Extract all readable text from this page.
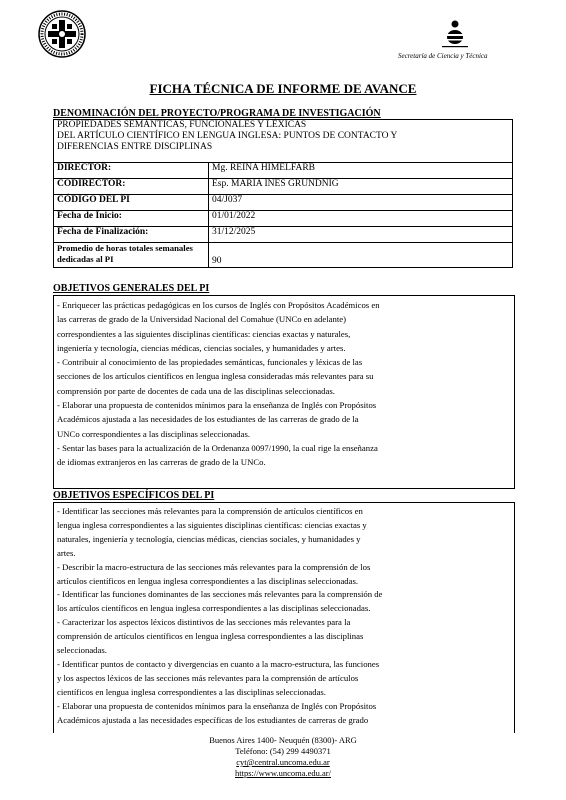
Secretaría de Ciencia y Técnica
FICHA TÉCNICA DE INFORME DE AVANCE
DENOMINACIÓN DEL PROYECTO/PROGRAMA DE INVESTIGACIÓN
PROPIEDADES SEMÁNTICAS, FUNCIONALES Y LÉXICAS
DEL ARTÍCULO CIENTÍFICO EN LENGUA INGLESA: PUNTOS DE CONTACTO Y
DIFERENCIAS ENTRE DISCIPLINAS	

DIRECTOR:	Mg. REINA HIMELFARB
CODIRECTOR:	Esp. MARIA INES GRUNDNIG
CÓDIGO DEL PI	04/J037
Fecha de Inicio:	01/01/2022
Fecha de Finalización:	31/12/2025
Promedio de horas totales semanales dedicadas al PI	90
OBJETIVOS GENERALES DEL PI

- Enriquecer las prácticas pedagógicas en los cursos de Inglés con Propósitos Académicos en

las carreras de grado de la Universidad Nacional del Comahue (UNCo en adelante)

correspondientes a las siguientes disciplinas científicas: ciencias exactas y naturales,

ingeniería y tecnología, ciencias médicas, ciencias sociales, y humanidades y artes.

- Contribuir al conocimiento de las propiedades semánticas, funcionales y léxicas de las

secciones de los artículos científicos en lengua inglesa consideradas más relevantes para su

comprensión por parte de docentes de cada una de las disciplinas seleccionadas.

- Elaborar una propuesta de contenidos mínimos para la enseñanza de Inglés con Propósitos

Académicos ajustada a las necesidades de los estudiantes de las carreras de grado de la

UNCo correspondientes a las disciplinas seleccionadas.

- Sentar las bases para la actualización de la Ordenanza 0097/1990, la cual rige la enseñanza

de idiomas extranjeros en las carreras de grado de la UNCo.

OBJETIVOS ESPECÍFICOS DEL PI

- Identificar las secciones más relevantes para la comprensión de artículos científicos en

lengua inglesa correspondientes a las siguientes disciplinas científicas: ciencias exactas y

naturales, ingeniería y tecnología, ciencias médicas, ciencias sociales, y humanidades y

artes.

- Describir la macro-estructura de las secciones más relevantes para la comprensión de los

artículos científicos en lengua inglesa correspondientes a las disciplinas seleccionadas.

- Identificar las funciones dominantes de las secciones más relevantes para la comprensión de

los artículos científicos en lengua inglesa correspondientes a las disciplinas seleccionadas.

- Caracterizar los aspectos léxicos distintivos de las secciones más relevantes para la

comprensión de artículos científicos en lengua inglesa correspondientes a las disciplinas

seleccionadas.

- Identificar puntos de contacto y divergencias en cuanto a la macro-estructura, las funciones

y los aspectos léxicos de las secciones más relevantes para la comprensión de artículos

científicos en lengua inglesa correspondientes a las disciplinas seleccionadas.

- Elaborar una propuesta de contenidos mínimos para la enseñanza de Inglés con Propósitos

Académicos ajustada a las necesidades específicas de los estudiantes de carreras de grado

Buenos Aires 1400- Neuquén (8300)- ARG
Teléfono: (54) 299 4490371
cyt@central.uncoma.edu.ar
https://www.uncoma.edu.ar/
